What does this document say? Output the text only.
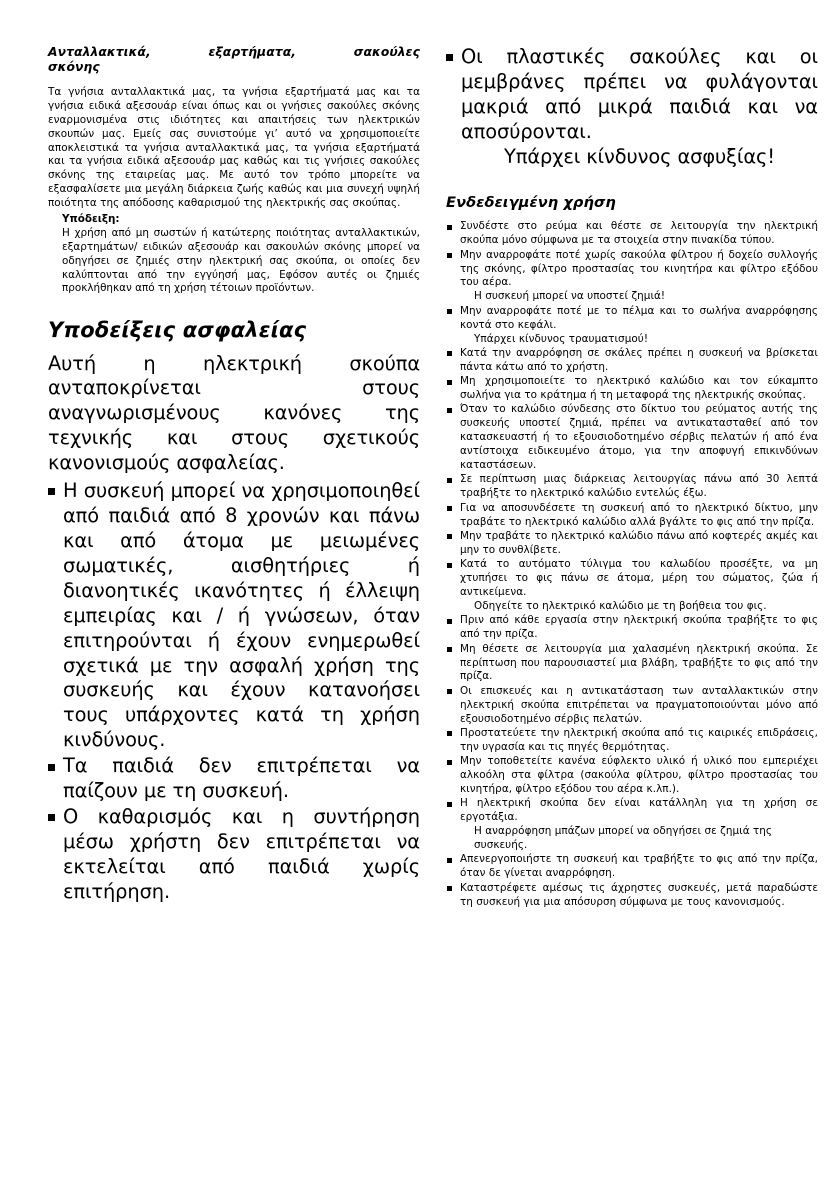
Ανταλλακτικά, εξαρτήματα, σακούλες
σκόνης

Τα γνήσια ανταλλακτικά μας, τα γνήσια εξαρτήματά μας και τα γνήσια ειδικά αξεσουάρ είναι όπως και οι γνήσιες σακούλες σκόνης εναρμονισμένα στις ιδιότητες και απαιτήσεις των ηλεκτρικών σκουπών μας. Εμείς σας συνιστούμε γι’ αυτό να χρησιμοποιείτε αποκλειστικά τα γνήσια ανταλλακτικά μας, τα γνήσια εξαρτήματά και τα γνήσια ειδικά αξεσουάρ μας καθώς και τις γνήσιες σακούλες σκόνης της εταιρείας μας. Με αυτό τον τρόπο μπορείτε να εξασφαλίσετε μια μεγάλη διάρκεια ζωής καθώς και μια συνεχή υψηλή ποιότητα της απόδοσης καθαρισμού της ηλεκτρικής σας σκούπας.

Υπόδειξη:

Η χρήση από μη σωστών ή κατώτερης ποιότητας ανταλλακτικών, εξαρτημάτων/ ειδικών αξεσουάρ και σακουλών σκόνης μπορεί να οδηγήσει σε ζημιές στην ηλεκτρική σας σκούπα, οι οποίες δεν καλύπτονται από την εγγύησή μας, Εφόσον αυτές οι ζημιές προκλήθηκαν από τη χρήση τέτοιων προϊόντων.

Υποδείξεις ασφαλείας

Αυτή η ηλεκτρική σκούπα ανταποκρίνεται στους αναγνωρισμένους κανόνες της τεχνικής και στους σχετικούς κανονισμούς ασφαλείας.

Η συσκευή μπορεί να χρησιμοποιηθεί από παιδιά από 8 χρονών και πάνω και από άτομα με μειωμένες σωματικές, αισθητήριες ή διανοητικές ικανότητες ή έλλειψη εμπειρίας και / ή γνώσεων, όταν επιτηρούνται ή έχουν ενημερωθεί σχετικά με την ασφαλή χρήση της συσκευής και έχουν κατανοήσει τους υπάρχοντες κατά τη χρήση κινδύνους.
Τα παιδιά δεν επιτρέπεται να παίζουν με τη συσκευή.
Ο καθαρισμός και η συντήρηση μέσω χρήστη δεν επιτρέπεται να εκτελείται από παιδιά χωρίς επιτήρηση.
Οι πλαστικές σακούλες και οι μεμβράνες πρέπει να φυλάγονται μακριά από μικρά παιδιά και να αποσύρονται.
Υπάρχει κίνδυνος ασφυξίας!
Ενδεδειγμένη χρήση
Συνδέστε στο ρεύμα και θέστε σε λειτουργία την ηλεκτρική σκούπα μόνο σύμφωνα με τα στοιχεία στην πινακίδα τύπου.
Μην αναρροφάτε ποτέ χωρίς σακούλα φίλτρου ή δοχείο συλλογής της σκόνης, φίλτρο προστασίας του κινητήρα και φίλτρο εξόδου του αέρα.
Η συσκευή μπορεί να υποστεί ζημιά!
Μην αναρροφάτε ποτέ με το πέλμα και το σωλήνα αναρρόφησης κοντά στο κεφάλι.
Υπάρχει κίνδυνος τραυματισμού!
Κατά την αναρρόφηση σε σκάλες πρέπει η συσκευή να βρίσκεται πάντα κάτω από το χρήστη.
Μη χρησιμοποιείτε το ηλεκτρικό καλώδιο και τον εύκαμπτο σωλήνα για το κράτημα ή τη μεταφορά της ηλεκτρικής σκούπας.
Όταν το καλώδιο σύνδεσης στο δίκτυο του ρεύματος αυτής της συσκευής υποστεί ζημιά, πρέπει να αντικατασταθεί από τον κατασκευαστή ή το εξουσιοδοτημένο σέρβις πελατών ή από ένα αντίστοιχα ειδικευμένο άτομο, για την αποφυγή επικινδύνων καταστάσεων.
Σε περίπτωση μιας διάρκειας λειτουργίας πάνω από 30 λεπτά τραβήξτε το ηλεκτρικό καλώδιο εντελώς έξω.
Για να αποσυνδέσετε τη συσκευή από το ηλεκτρικό δίκτυο, μην τραβάτε το ηλεκτρικό καλώδιο αλλά βγάλτε το φις από την πρίζα.
Μην τραβάτε το ηλεκτρικό καλώδιο πάνω από κοφτερές ακμές και μην το συνθλίβετε.
Κατά το αυτόματο τύλιγμα του καλωδίου προσέξτε, να μη χτυπήσει το φις πάνω σε άτομα, μέρη του σώματος, ζώα ή αντικείμενα.
Οδηγείτε το ηλεκτρικό καλώδιο με τη βοήθεια του φις.
Πριν από κάθε εργασία στην ηλεκτρική σκούπα τραβήξτε το φις από την πρίζα.
Μη θέσετε σε λειτουργία μια χαλασμένη ηλεκτρική σκούπα. Σε περίπτωση που παρουσιαστεί μια βλάβη, τραβήξτε το φις από την πρίζα.
Οι επισκευές και η αντικατάσταση των ανταλλακτικών στην ηλεκτρική σκούπα επιτρέπεται να πραγματοποιούνται μόνο από εξουσιοδοτημένο σέρβις πελατών.
Προστατεύετε την ηλεκτρική σκούπα από τις καιρικές επιδράσεις, την υγρασία και τις πηγές θερμότητας.
Μην τοποθετείτε κανένα εύφλεκτο υλικό ή υλικό που εμπεριέχει αλκοόλη στα φίλτρα (σακούλα φίλτρου, φίλτρο προστασίας του κινητήρα, φίλτρο εξόδου του αέρα κ.λπ.).
Η ηλεκτρική σκούπα δεν είναι κατάλληλη για τη χρήση σε εργοτάξια.
Η αναρρόφηση μπάζων μπορεί να οδηγήσει σε ζημιά της συσκευής.
Απενεργοποιήστε τη συσκευή και τραβήξτε το φις από την πρίζα, όταν δε γίνεται αναρρόφηση.
Καταστρέφετε αμέσως τις άχρηστες συσκευές, μετά παραδώστε τη συσκευή για μια απόσυρση σύμφωνα με τους κανονισμούς.
